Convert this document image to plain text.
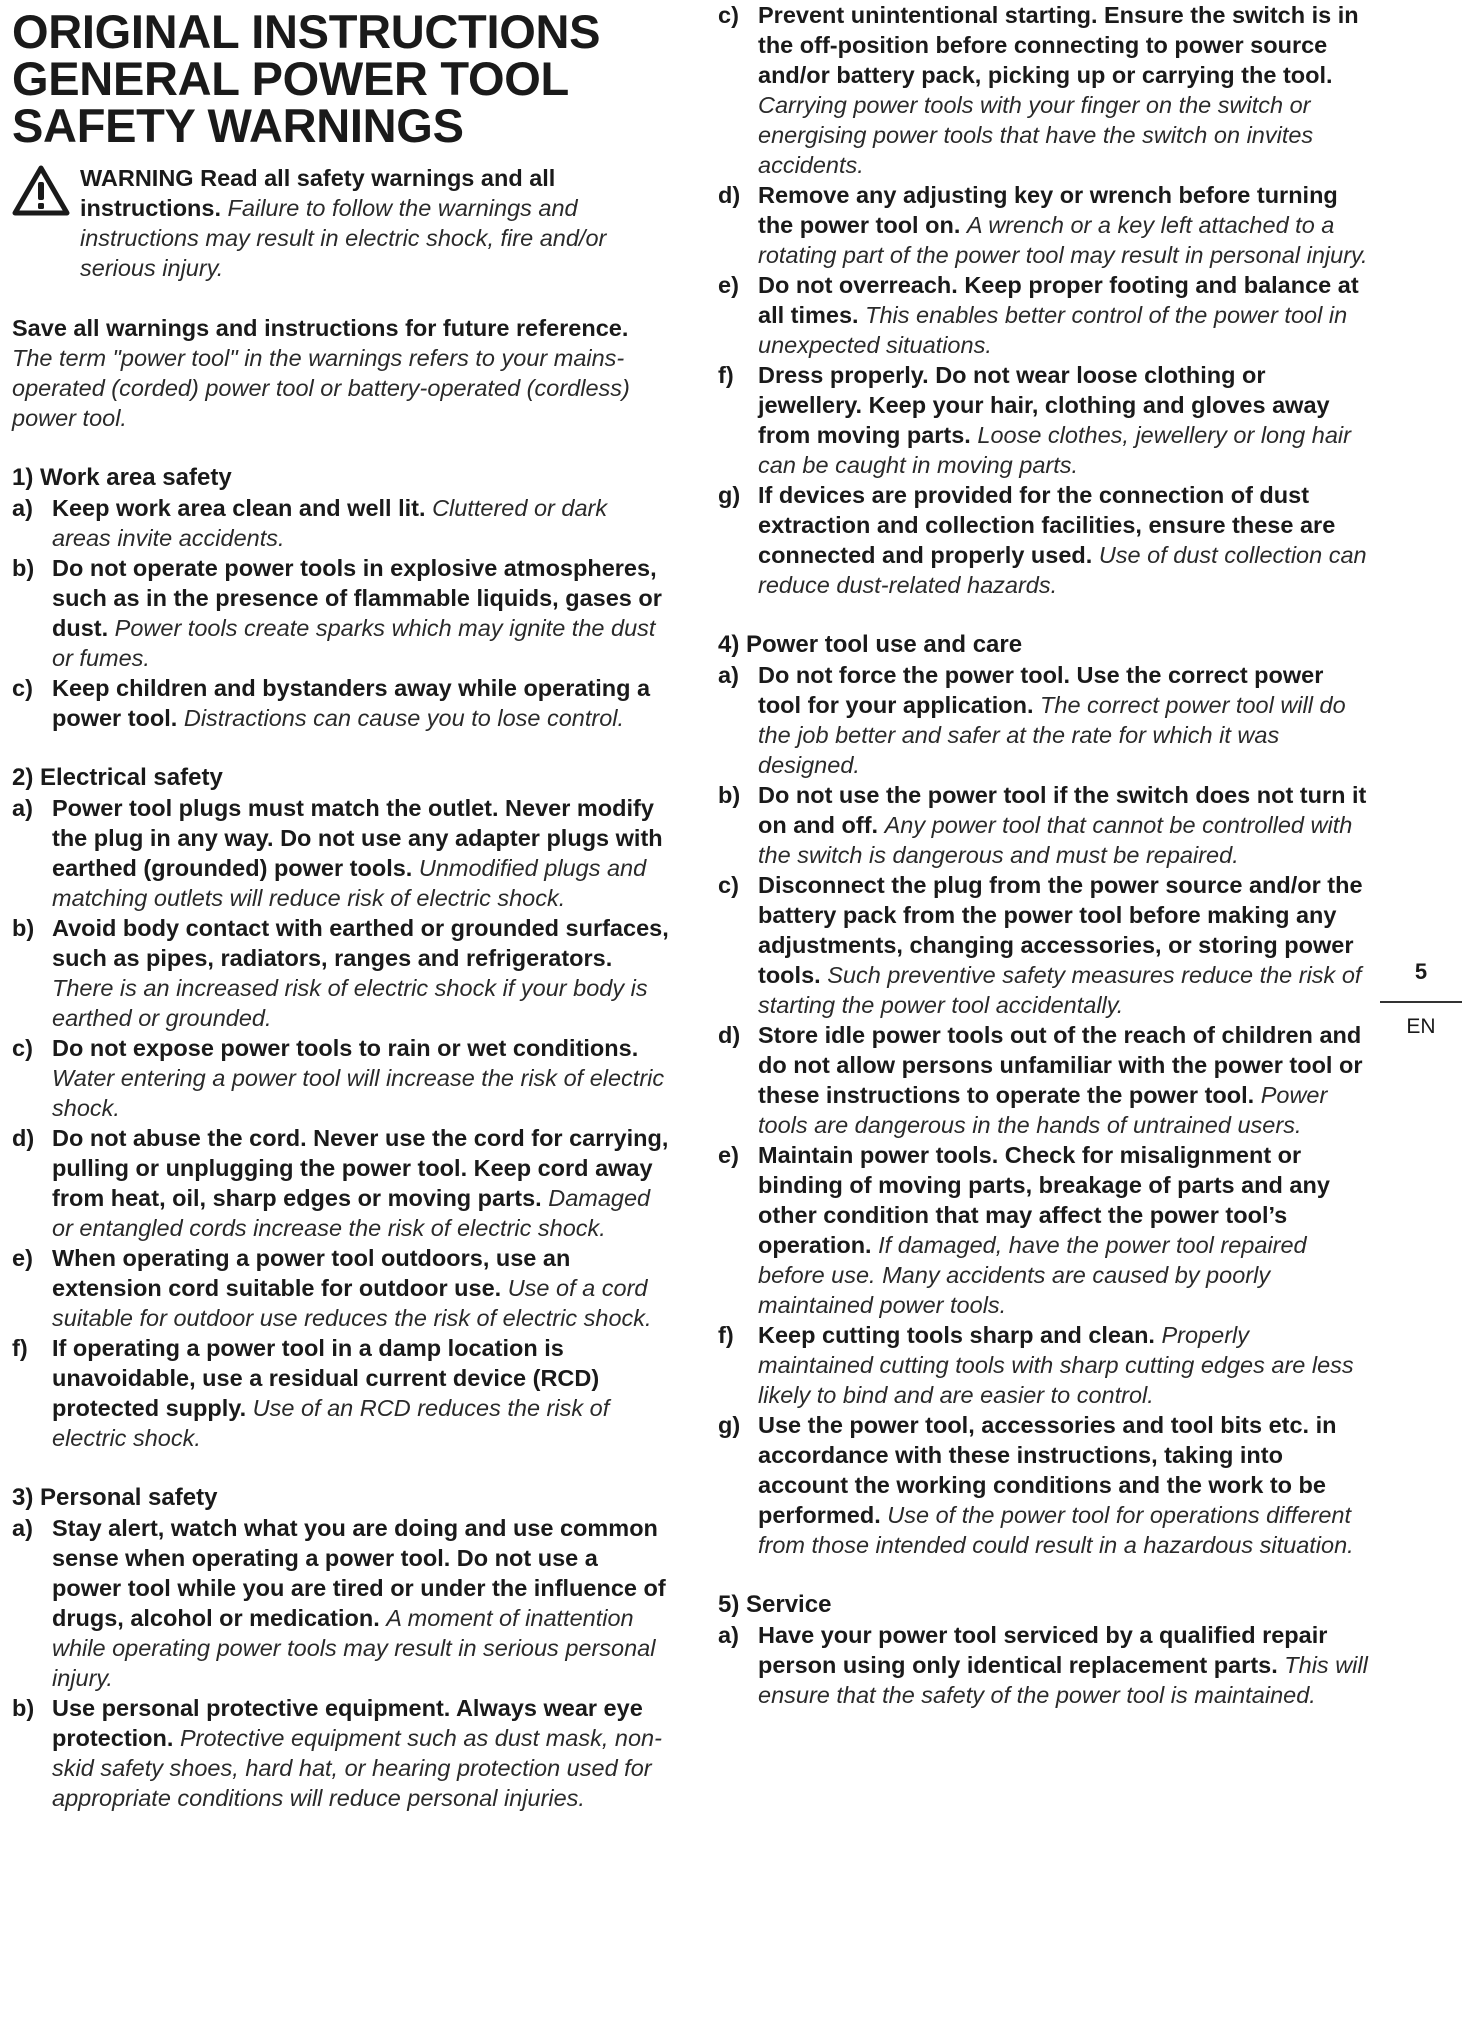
ORIGINAL INSTRUCTIONS
GENERAL POWER TOOL
SAFETY WARNINGS
WARNING Read all safety warnings and all instructions. Failure to follow the warnings and instructions may result in electric shock, fire and/or serious injury.

Save all warnings and instructions for future reference.

The term "power tool" in the warnings refers to your mains-operated (corded) power tool or battery-operated (cordless) power tool.

1) Work area safety
a) Keep work area clean and well lit. Cluttered or dark areas invite accidents.
b) Do not operate power tools in explosive atmospheres, such as in the presence of flammable liquids, gases or dust. Power tools create sparks which may ignite the dust or fumes.
c) Keep children and bystanders away while operating a power tool. Distractions can cause you to lose control.
2) Electrical safety
a) Power tool plugs must match the outlet. Never modify the plug in any way. Do not use any adapter plugs with earthed (grounded) power tools. Unmodified plugs and matching outlets will reduce risk of electric shock.
b) Avoid body contact with earthed or grounded surfaces, such as pipes, radiators, ranges and refrigerators. There is an increased risk of electric shock if your body is earthed or grounded.
c) Do not expose power tools to rain or wet conditions. Water entering a power tool will increase the risk of electric shock.
d) Do not abuse the cord. Never use the cord for carrying, pulling or unplugging the power tool. Keep cord away from heat, oil, sharp edges or moving parts. Damaged or entangled cords increase the risk of electric shock.
e) When operating a power tool outdoors, use an extension cord suitable for outdoor use. Use of a cord suitable for outdoor use reduces the risk of electric shock.
f)	If operating a power tool in a damp location is unavoidable, use a residual current device (RCD) protected supply. Use of an RCD reduces the risk of electric shock.
3) Personal safety
a) Stay alert, watch what you are doing and use common sense when operating a power tool. Do not use a power tool while you are tired or under the influence of drugs, alcohol or medication. A moment of inattention while operating power tools may result in serious personal injury.
b) Use personal protective equipment. Always wear eye protection. Protective equipment such as dust mask, non-skid safety shoes, hard hat, or hearing protection used for appropriate conditions will reduce personal injuries.
c) Prevent unintentional starting. Ensure the switch is in the off-position before connecting to power source and/or battery pack, picking up or carrying the tool. Carrying power tools with your finger on the switch or energising power tools that have the switch on invites accidents.
d) Remove any adjusting key or wrench before turning the power tool on. A wrench or a key left attached to a rotating part of the power tool may result in personal injury.
e) Do not overreach. Keep proper footing and balance at all times. This enables better control of the power tool in unexpected situations.
f)	Dress properly. Do not wear loose clothing or jewellery. Keep your hair, clothing and gloves away from moving parts. Loose clothes, jewellery or long hair can be caught in moving parts.
g) If devices are provided for the connection of dust extraction and collection facilities, ensure these are connected and properly used. Use of dust collection can reduce dust-related hazards.
4) Power tool use and care
a) Do not force the power tool. Use the correct power tool for your application. The correct power tool will do the job better and safer at the rate for which it was designed.
b) Do not use the power tool if the switch does not turn it on and off. Any power tool that cannot be controlled with the switch is dangerous and must be repaired.
c) Disconnect the plug from the power source and/or the battery pack from the power tool before making any adjustments, changing accessories, or storing power tools. Such preventive safety measures reduce the risk of starting the power tool accidentally.
d) Store idle power tools out of the reach of children and do not allow persons unfamiliar with the power tool or these instructions to operate the power tool. Power tools are dangerous in the hands of untrained users.
e) Maintain power tools. Check for misalignment or binding of moving parts, breakage of parts and any other condition that may affect the power tool’s operation. If damaged, have the power tool repaired before use. Many accidents are caused by poorly maintained power tools.
f)	Keep cutting tools sharp and clean. Properly maintained cutting tools with sharp cutting edges are less likely to bind and are easier to control.
g) Use the power tool, accessories and tool bits etc. in accordance with these instructions, taking into account the working conditions and the work to be performed. Use of the power tool for operations different from those intended could result in a hazardous situation.
5) Service
a) Have your power tool serviced by a qualified repair person using only identical replacement parts. This will ensure that the safety of the power tool is maintained.
5
EN
